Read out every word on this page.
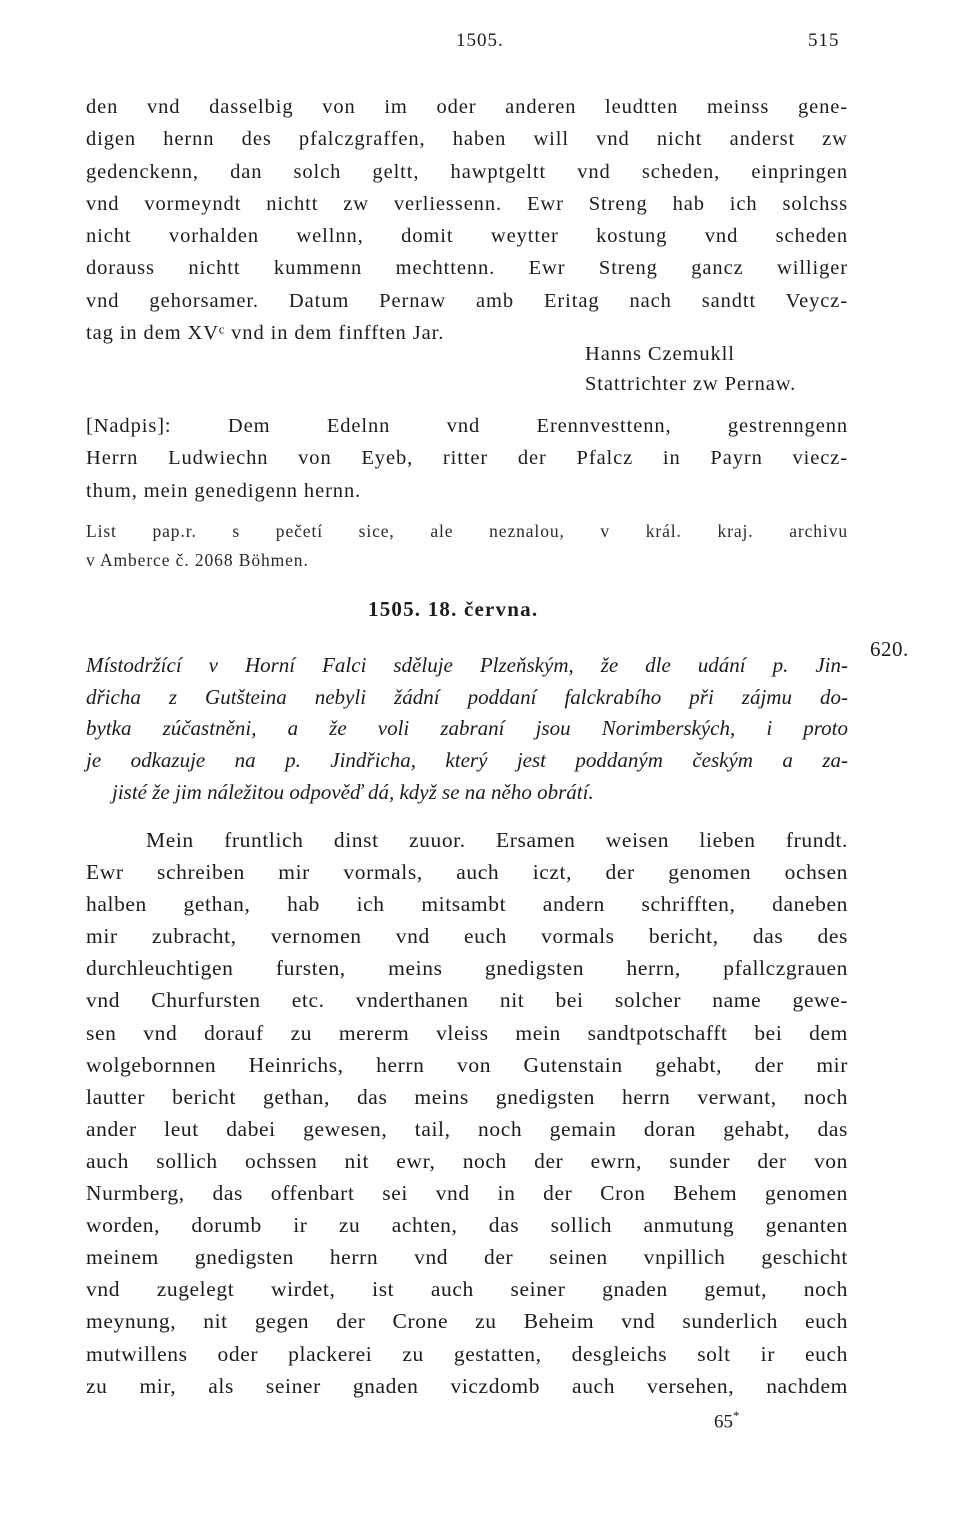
1505.	515
den vnd dasselbig von im oder anderen leudtten meinss gene-
digen hernn des pfalczgraffen, haben will vnd nicht anderst zw
gedenckenn, dan solch geltt, hawptgeltt vnd scheden, einpringen
vnd vormeyndt nichtt zw verliessenn. Ewr Streng hab ich solchss
nicht vorhalden wellnn, domit weytter kostung vnd scheden
dorauss nichtt kummenn mechttenn. Ewr Streng gancz williger
vnd gehorsamer. Datum Pernaw amb Eritag nach sandtt Veycz-
tag in dem XVᶜ vnd in dem finfften Jar.
Hanns Czemukll
Stattrichter zw Pernaw.
[Nadpis]: Dem Edelnn vnd Erennvesttenn, gestrenngenn
Herrn Ludwiechn von Eyeb, ritter der Pfalcz in Payrn viecz-
thum, mein genedigenn hernn.
List pap.r. s pečetí sice, ale neznalou, v král. kraj. archivu
v Amberce č. 2068 Böhmen.
1505. 18. června.
620.
Místodržící v Horní Falci sděluje Plzeňským, že dle udání p. Jin-
dřicha z Gutšteina nebyli žádní poddaní falckrabího při zájmu do-
bytka zúčastněni, a že voli zabraní jsou Norimberských, i proto
je odkazuje na p. Jindřicha, který jest poddaným českým a za-
jisté že jim náležitou odpověď dá, když se na něho obrátí.
Mein fruntlich dinst zuuor. Ersamen weisen lieben frundt.
Ewr schreiben mir vormals, auch iczt, der genomen ochsen
halben gethan, hab ich mitsambt andern schrifften, daneben
mir zubracht, vernomen vnd euch vormals bericht, das des
durchleuchtigen fursten, meins gnedigsten herrn, pfallczgrauen
vnd Churfursten etc. vnderthanen nit bei solcher name gewe-
sen vnd dorauf zu mererm vleiss mein sandtpotschafft bei dem
wolgebornnen Heinrichs, herrn von Gutenstain gehabt, der mir
lautter bericht gethan, das meins gnedigsten herrn verwant, noch
ander leut dabei gewesen, tail, noch gemain doran gehabt, das
auch sollich ochssen nit ewr, noch der ewrn, sunder der von
Nurmberg, das offenbart sei vnd in der Cron Behem genomen
worden, dorumb ir zu achten, das sollich anmutung genanten
meinem gnedigsten herrn vnd der seinen vnpillich geschicht
vnd zugelegt wirdet, ist auch seiner gnaden gemut, noch
meynung, nit gegen der Crone zu Beheim vnd sunderlich euch
mutwillens oder plackerei zu gestatten, desgleichs solt ir euch
zu mir, als seiner gnaden viczdomb auch versehen, nachdem
65*
